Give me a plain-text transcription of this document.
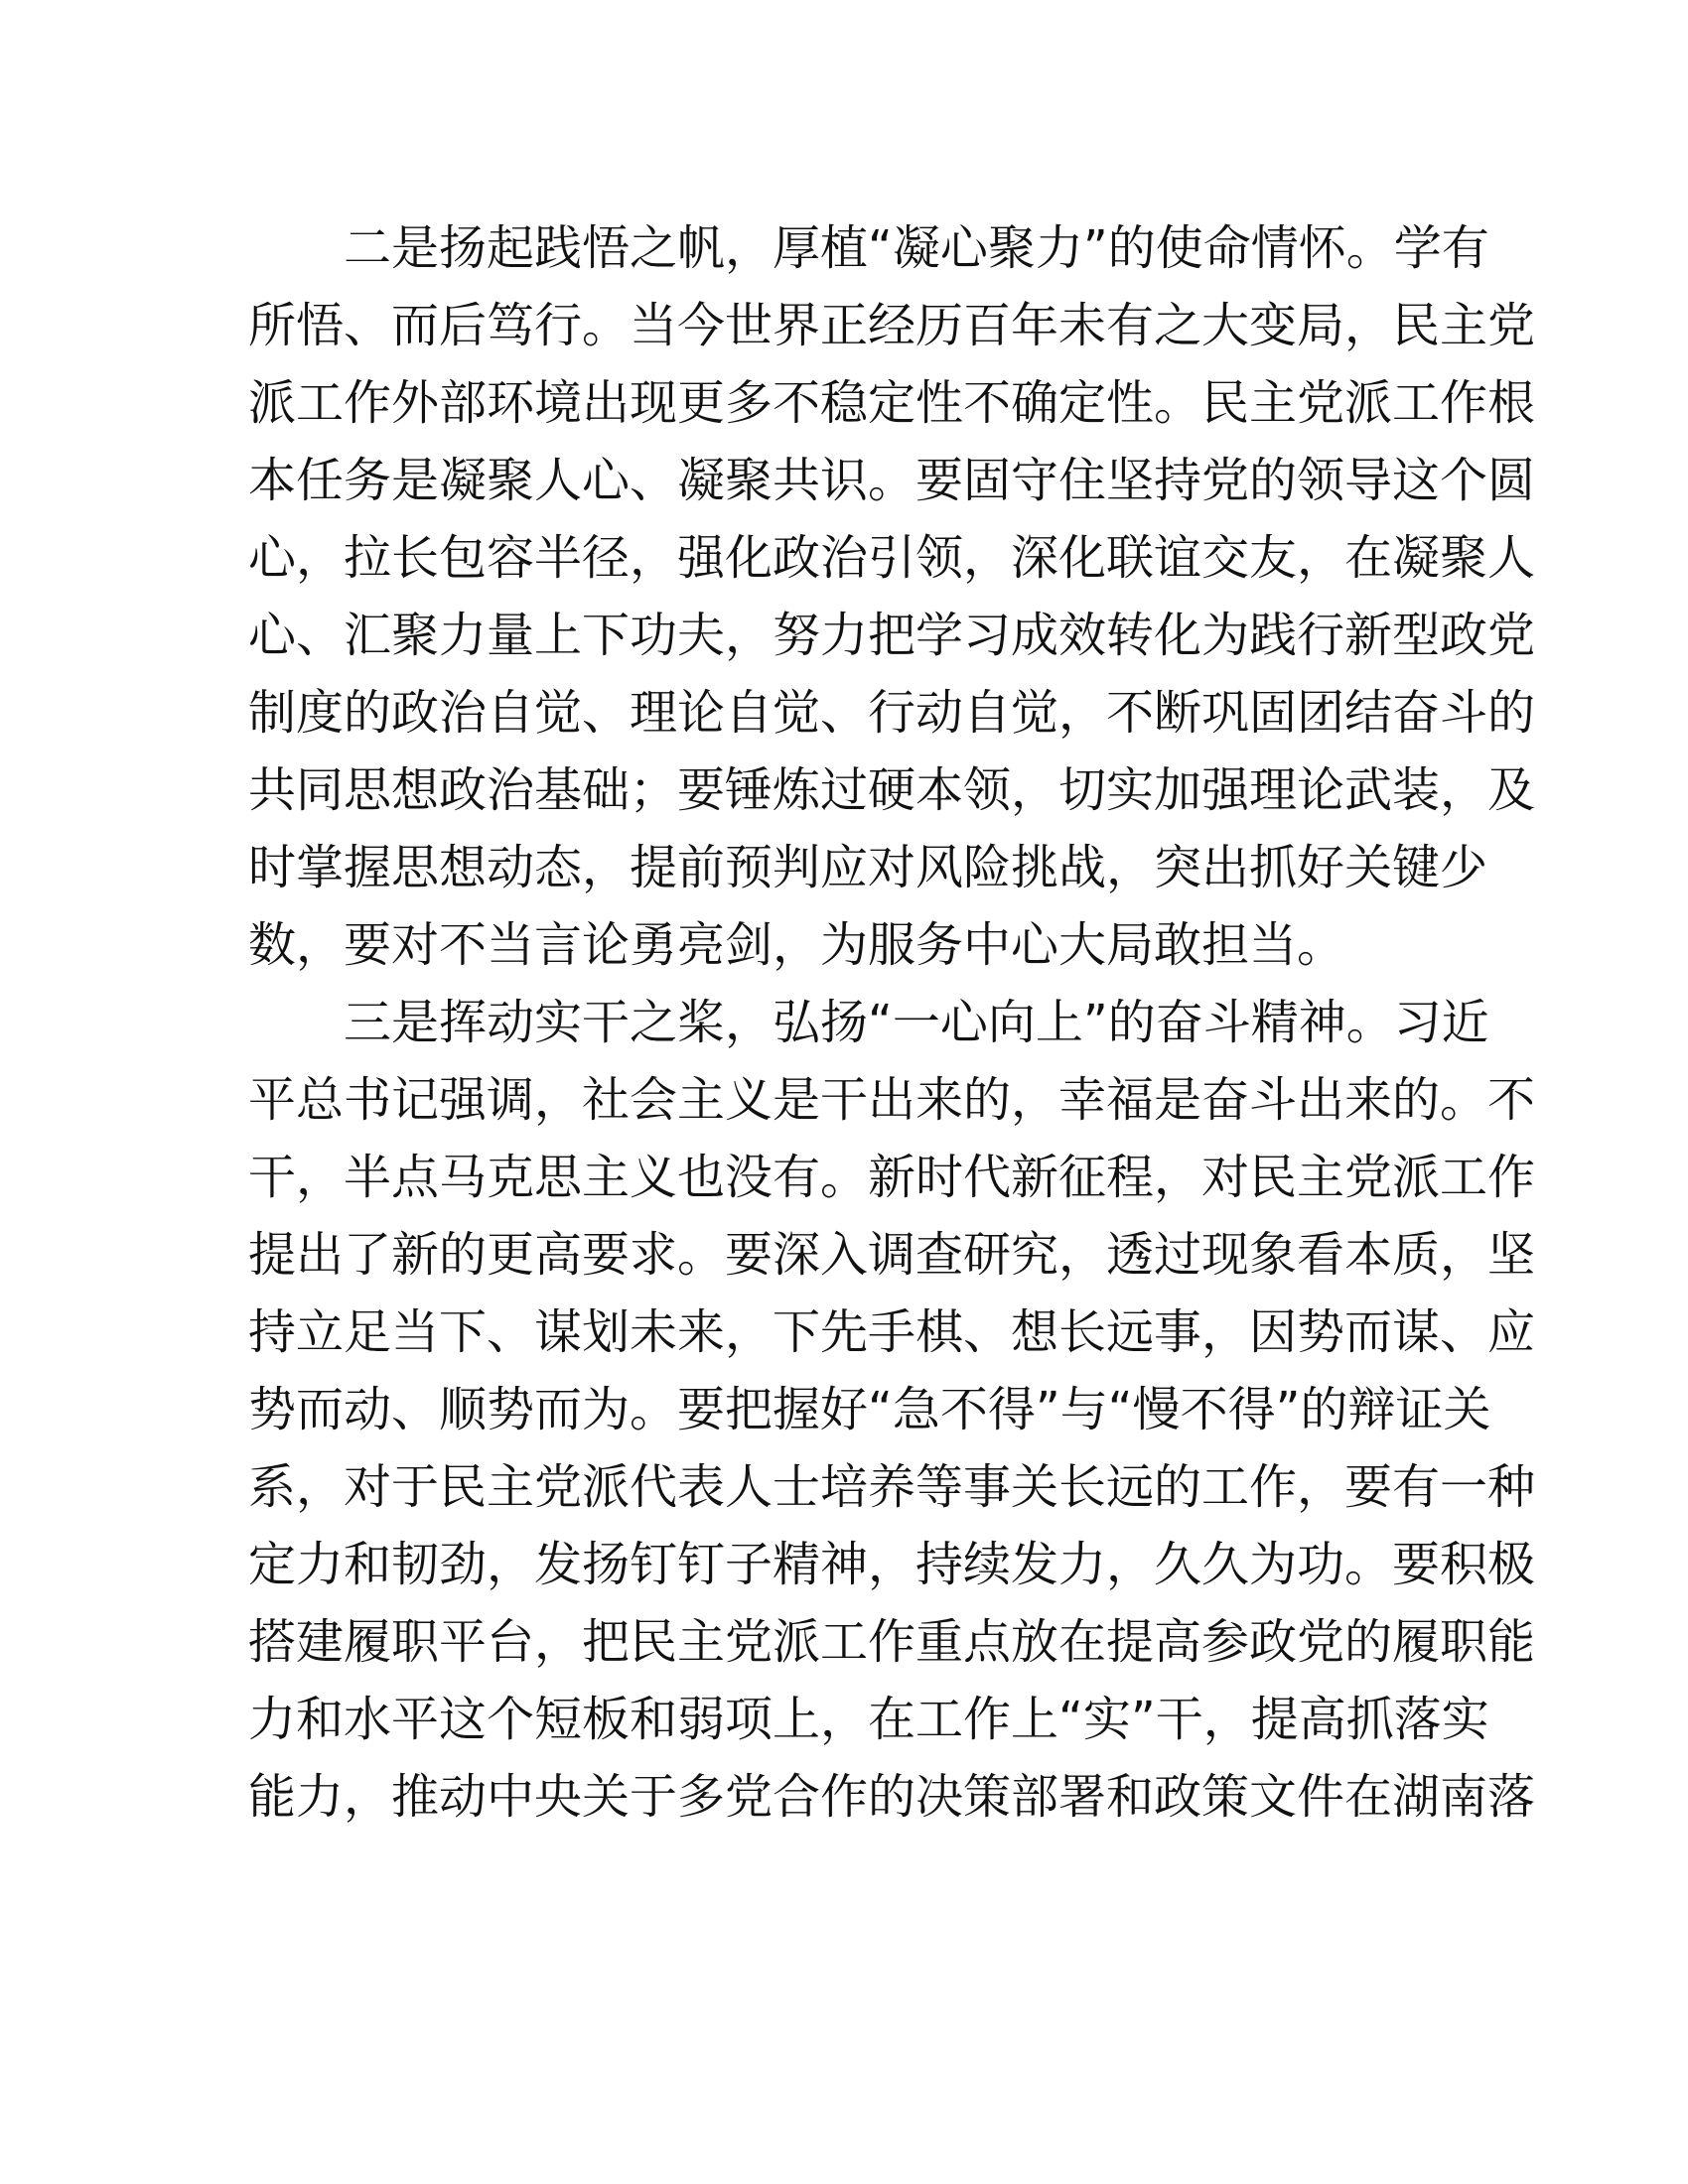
二是扬起践悟之帆，厚植“凝心聚力”的使命情怀。学有
所悟、而后笃行。当今世界正经历百年未有之大变局，民主党
派工作外部环境出现更多不稳定性不确定性。民主党派工作根
本任务是凝聚人心、凝聚共识。要固守住坚持党的领导这个圆
心，拉长包容半径，强化政治引领，深化联谊交友，在凝聚人
心、汇聚力量上下功夫，努力把学习成效转化为践行新型政党
制度的政治自觉、理论自觉、行动自觉，不断巩固团结奋斗的
共同思想政治基础；要锤炼过硬本领，切实加强理论武装，及
时掌握思想动态，提前预判应对风险挑战，突出抓好关键少
数，要对不当言论勇亮剑，为服务中心大局敢担当。
三是挥动实干之桨，弘扬“一心向上”的奋斗精神。习近
平总书记强调，社会主义是干出来的，幸福是奋斗出来的。不
干，半点马克思主义也没有。新时代新征程，对民主党派工作
提出了新的更高要求。要深入调查研究，透过现象看本质，坚
持立足当下、谋划未来，下先手棋、想长远事，因势而谋、应
势而动、顺势而为。要把握好“急不得”与“慢不得”的辩证关
系，对于民主党派代表人士培养等事关长远的工作，要有一种
定力和韧劲，发扬钉钉子精神，持续发力，久久为功。要积极
搭建履职平台，把民主党派工作重点放在提高参政党的履职能
力和水平这个短板和弱项上，在工作上“实”干，提高抓落实
能力，推动中央关于多党合作的决策部署和政策文件在湖南落
